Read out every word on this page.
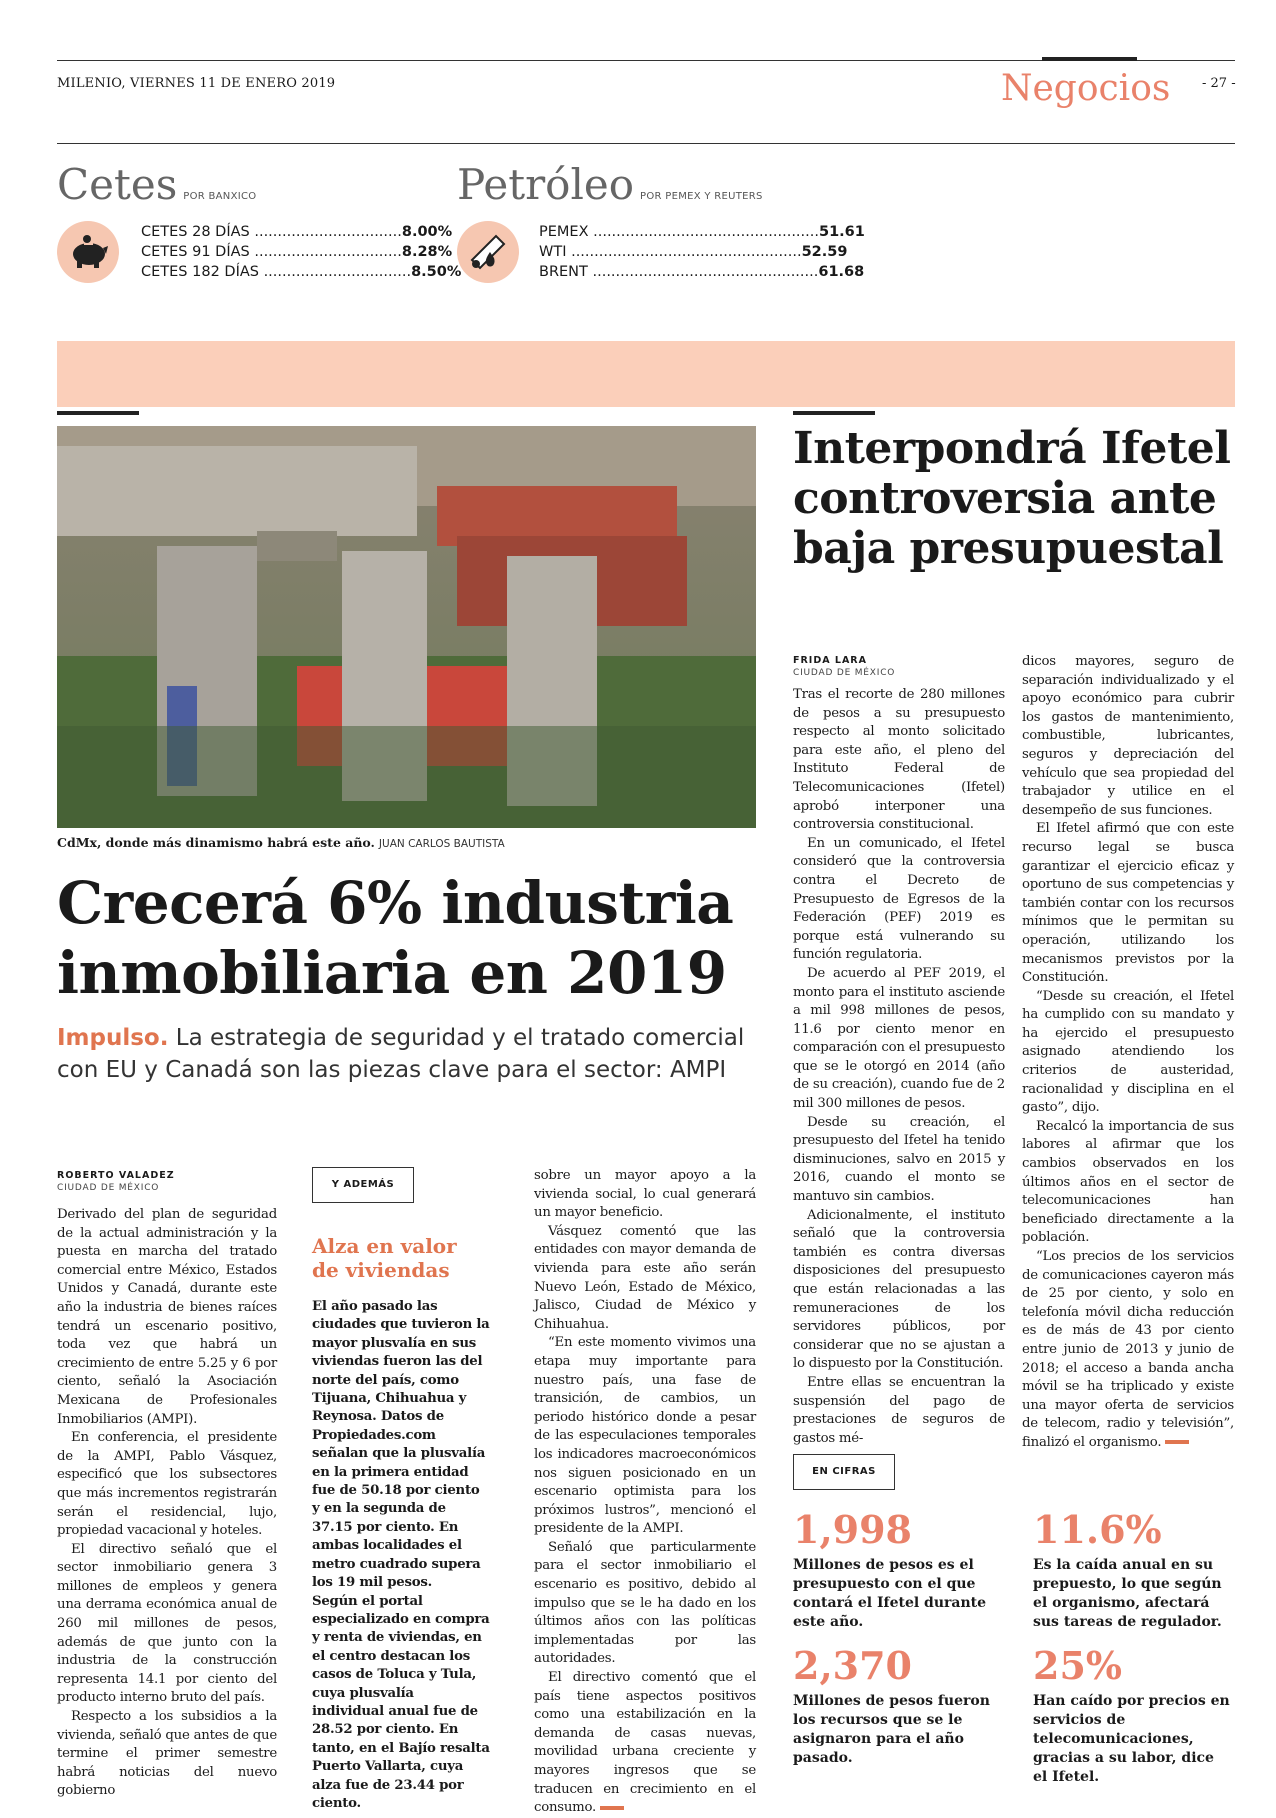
MILENIO, VIERNES 11 DE ENERO 2019	Negocios - 27 -
Cetes POR BANXICO
CETES 28 DÍAS ................................ 8.00%
CETES 91 DÍAS ................................ 8.28%
CETES 182 DÍAS ................................ 8.50%
Petróleo POR PEMEX Y REUTERS
PEMEX ................................................. 51.61
WTI .................................................. 52.59
BRENT ................................................. 61.68
CdMx, donde más dinamismo habrá este año. JUAN CARLOS BAUTISTA
Crecerá 6% industria
inmobiliaria en 2019
Impulso. La estrategia de seguridad y el tratado comercial con EU y Canadá son las piezas clave para el sector: AMPI
ROBERTO VALADEZ
CIUDAD DE MÉXICO

Derivado del plan de seguridad de la actual administración y la puesta en marcha del tratado comercial entre México, Estados Unidos y Canadá, durante este año la industria de bienes raíces tendrá un escenario positivo, toda vez que habrá un crecimiento de entre 5.25 y 6 por ciento, señaló la Asociación Mexicana de Profesionales Inmobiliarios (AMPI).

En conferencia, el presidente de la AMPI, Pablo Vásquez, especificó que los subsectores que más incrementos registrarán serán el residencial, lujo, propiedad vacacional y hoteles.

El directivo señaló que el sector inmobiliario genera 3 millones de empleos y genera una derrama económica anual de 260 mil millones de pesos, además de que junto con la industria de la construcción representa 14.1 por ciento del producto interno bruto del país.

Respecto a los subsidios a la vivienda, señaló que antes de que termine el primer semestre habrá noticias del nuevo gobierno

Y ADEMÁS
Alza en valor de viviendas
El año pasado las ciudades que tuvieron la mayor plusvalía en sus viviendas fueron las del norte del país, como Tijuana, Chihuahua y Reynosa. Datos de Propiedades.com señalan que la plusvalía en la primera entidad fue de 50.18 por ciento y en la segunda de 37.15 por ciento. En ambas localidades el metro cuadrado supera los 19 mil pesos.
Según el portal especializado en compra y renta de viviendas, en el centro destacan los casos de Toluca y Tula, cuya plusvalía individual anual fue de 28.52 por ciento. En tanto, en el Bajío resalta Puerto Vallarta, cuya alza fue de 23.44 por ciento.

sobre un mayor apoyo a la vivienda social, lo cual generará un mayor beneficio.

Vásquez comentó que las entidades con mayor demanda de vivienda para este año serán Nuevo León, Estado de México, Jalisco, Ciudad de México y Chihuahua.

“En este momento vivimos una etapa muy importante para nuestro país, una fase de transición, de cambios, un periodo histórico donde a pesar de las especulaciones temporales los indicadores macroeconómicos nos siguen posicionado en un escenario optimista para los próximos lustros”, mencionó el presidente de la AMPI.

Señaló que particularmente para el sector inmobiliario el escenario es positivo, debido al impulso que se le ha dado en los últimos años con las políticas implementadas por las autoridades.

El directivo comentó que el país tiene aspectos positivos como una estabilización en la demanda de casas nuevas, movilidad urbana creciente y mayores ingresos que se traducen en crecimiento en el consumo.

Interpondrá Ifetel controversia ante baja presupuestal
FRIDA LARA
CIUDAD DE MÉXICO

Tras el recorte de 280 millones de pesos a su presupuesto respecto al monto solicitado para este año, el pleno del Instituto Federal de Telecomunicaciones (Ifetel) aprobó interponer una controversia constitucional.

En un comunicado, el Ifetel consideró que la controversia contra el Decreto de Presupuesto de Egresos de la Federación (PEF) 2019 es porque está vulnerando su función regulatoria.

De acuerdo al PEF 2019, el monto para el instituto asciende a mil 998 millones de pesos, 11.6 por ciento menor en comparación con el presupuesto que se le otorgó en 2014 (año de su creación), cuando fue de 2 mil 300 millones de pesos.

Desde su creación, el presupuesto del Ifetel ha tenido disminuciones, salvo en 2015 y 2016, cuando el monto se mantuvo sin cambios.

Adicionalmente, el instituto señaló que la controversia también es contra diversas disposiciones del presupuesto que están relacionadas a las remuneraciones de los servidores públicos, por considerar que no se ajustan a lo dispuesto por la Constitución.

Entre ellas se encuentran la suspensión del pago de prestaciones de seguros de gastos mé-

dicos mayores, seguro de separación individualizado y el apoyo económico para cubrir los gastos de mantenimiento, combustible, lubricantes, seguros y depreciación del vehículo que sea propiedad del trabajador y utilice en el desempeño de sus funciones.

El Ifetel afirmó que con este recurso legal se busca garantizar el ejercicio eficaz y oportuno de sus competencias y también contar con los recursos mínimos que le permitan su operación, utilizando los mecanismos previstos por la Constitución.

“Desde su creación, el Ifetel ha cumplido con su mandato y ha ejercido el presupuesto asignado atendiendo los criterios de austeridad, racionalidad y disciplina en el gasto”, dijo.

Recalcó la importancia de sus labores al afirmar que los cambios observados en los últimos años en el sector de telecomunicaciones han beneficiado directamente a la población.

“Los precios de los servicios de comunicaciones cayeron más de 25 por ciento, y solo en telefonía móvil dicha reducción es de más de 43 por ciento entre junio de 2013 y junio de 2018; el acceso a banda ancha móvil se ha triplicado y existe una mayor oferta de servicios de telecom, radio y televisión”, finalizó el organismo.

EN CIFRAS
1,998
Millones de pesos es el presupuesto con el que contará el Ifetel durante este año.
11.6%
Es la caída anual en su prepuesto, lo que según el organismo, afectará sus tareas de regulador.
2,370
Millones de pesos fueron los recursos que se le asignaron para el año pasado.
25%
Han caído por precios en servicios de telecomunicaciones, gracias a su labor, dice el Ifetel.
